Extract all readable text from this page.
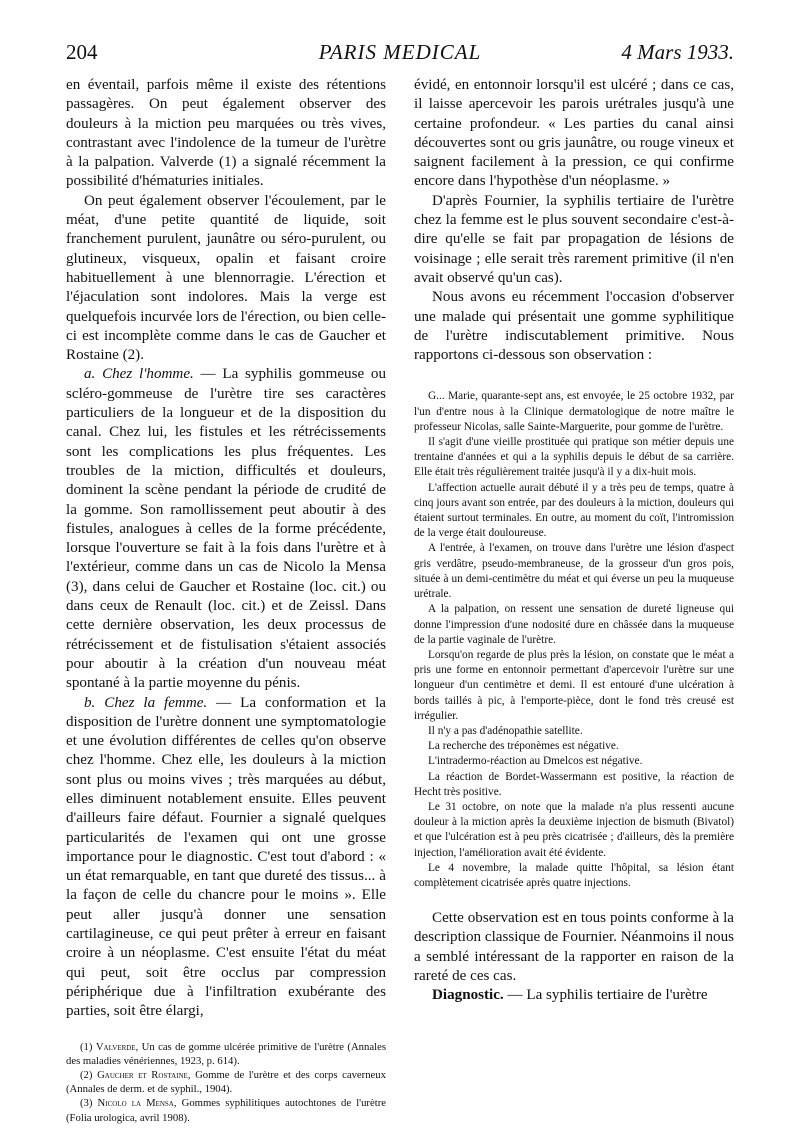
204	PARIS MEDICAL	4 Mars 1933.

en éventail, parfois même il existe des rétentions passagères. On peut également observer des douleurs à la miction peu marquées ou très vives, contrastant avec l'indolence de la tumeur de l'urètre à la palpation. Valverde (1) a signalé récemment la possibilité d'hématuries initiales.

On peut également observer l'écoulement, par le méat, d'une petite quantité de liquide, soit franchement purulent, jaunâtre ou séro-purulent, ou glutineux, visqueux, opalin et faisant croire habituellement à une blennorragie. L'érection et l'éjaculation sont indolores. Mais la verge est quelquefois incurvée lors de l'érection, ou bien celle-ci est incomplète comme dans le cas de Gaucher et Rostaine (2).

a. Chez l'homme. — La syphilis gommeuse ou scléro-gommeuse de l'urètre tire ses caractères particuliers de la longueur et de la disposition du canal. Chez lui, les fistules et les rétrécissements sont les complications les plus fréquentes. Les troubles de la miction, difficultés et douleurs, dominent la scène pendant la période de crudité de la gomme. Son ramollissement peut aboutir à des fistules, analogues à celles de la forme précédente, lorsque l'ouverture se fait à la fois dans l'urètre et à l'extérieur, comme dans un cas de Nicolo la Mensa (3), dans celui de Gaucher et Rostaine (loc. cit.) ou dans ceux de Renault (loc. cit.) et de Zeissl. Dans cette dernière observation, les deux processus de rétrécissement et de fistulisation s'étaient associés pour aboutir à la création d'un nouveau méat spontané à la partie moyenne du pénis.

b. Chez la femme. — La conformation et la disposition de l'urètre donnent une symptomatologie et une évolution différentes de celles qu'on observe chez l'homme. Chez elle, les douleurs à la miction sont plus ou moins vives ; très marquées au début, elles diminuent notablement ensuite. Elles peuvent d'ailleurs faire défaut. Fournier a signalé quelques particularités de l'examen qui ont une grosse importance pour le diagnostic. C'est tout d'abord : « un état remarquable, en tant que dureté des tissus... à la façon de celle du chancre pour le moins ». Elle peut aller jusqu'à donner une sensation cartilagineuse, ce qui peut prêter à erreur en faisant croire à un néoplasme. C'est ensuite l'état du méat qui peut, soit être occlus par compression périphérique due à l'infiltration exubérante des parties, soit être élargi,

(1) Valverde, Un cas de gomme ulcérée primitive de l'urètre (Annales des maladies vénériennes, 1923, p. 614).

(2) Gaucher et Rostaine, Gomme de l'urètre et des corps caverneux (Annales de derm. et de syphil., 1904).

(3) Nicolo la Mensa, Gommes syphilitiques autochtones de l'urètre (Folia urologica, avril 1908).

évidé, en entonnoir lorsqu'il est ulcéré ; dans ce cas, il laisse apercevoir les parois urétrales jusqu'à une certaine profondeur. « Les parties du canal ainsi découvertes sont ou gris jaunâtre, ou rouge vineux et saignent facilement à la pression, ce qui confirme encore dans l'hypothèse d'un néoplasme. »

D'après Fournier, la syphilis tertiaire de l'urètre chez la femme est le plus souvent secondaire c'est-à-dire qu'elle se fait par propagation de lésions de voisinage ; elle serait très rarement primitive (il n'en avait observé qu'un cas).

Nous avons eu récemment l'occasion d'observer une malade qui présentait une gomme syphilitique de l'urètre indiscutablement primitive. Nous rapportons ci-dessous son observation :

G... Marie, quarante-sept ans, est envoyée, le 25 octobre 1932, par l'un d'entre nous à la Clinique dermatologique de notre maître le professeur Nicolas, salle Sainte-Marguerite, pour gomme de l'urètre.

Il s'agit d'une vieille prostituée qui pratique son métier depuis une trentaine d'années et qui a la syphilis depuis le début de sa carrière. Elle était très régulièrement traitée jusqu'à il y a dix-huit mois.

L'affection actuelle aurait débuté il y a très peu de temps, quatre à cinq jours avant son entrée, par des douleurs à la miction, douleurs qui étaient surtout terminales. En outre, au moment du coït, l'intromission de la verge était douloureuse.

A l'entrée, à l'examen, on trouve dans l'urètre une lésion d'aspect gris verdâtre, pseudo-membraneuse, de la grosseur d'un gros pois, située à un demi-centimètre du méat et qui éverse un peu la muqueuse urétrale.

A la palpation, on ressent une sensation de dureté ligneuse qui donne l'impression d'une nodosité dure en châssée dans la muqueuse de la partie vaginale de l'urètre.

Lorsqu'on regarde de plus près la lésion, on constate que le méat a pris une forme en entonnoir permettant d'apercevoir l'urètre sur une longueur d'un centimètre et demi. Il est entouré d'une ulcération à bords taillés à pic, à l'emporte-pièce, dont le fond très creusé est irrégulier.

Il n'y a pas d'adénopathie satellite.

La recherche des tréponèmes est négative.

L'intradermo-réaction au Dmelcos est négative.

La réaction de Bordet-Wassermann est positive, la réaction de Hecht très positive.

Le 31 octobre, on note que la malade n'a plus ressenti aucune douleur à la miction après la deuxième injection de bismuth (Bivatol) et que l'ulcération est à peu près cicatrisée ; d'ailleurs, dès la première injection, l'amélioration avait été évidente.

Le 4 novembre, la malade quitte l'hôpital, sa lésion étant complètement cicatrisée après quatre injections.

Cette observation est en tous points conforme à la description classique de Fournier. Néanmoins il nous a semblé intéressant de la rapporter en raison de la rareté de ces cas.

Diagnostic. — La syphilis tertiaire de l'urètre
